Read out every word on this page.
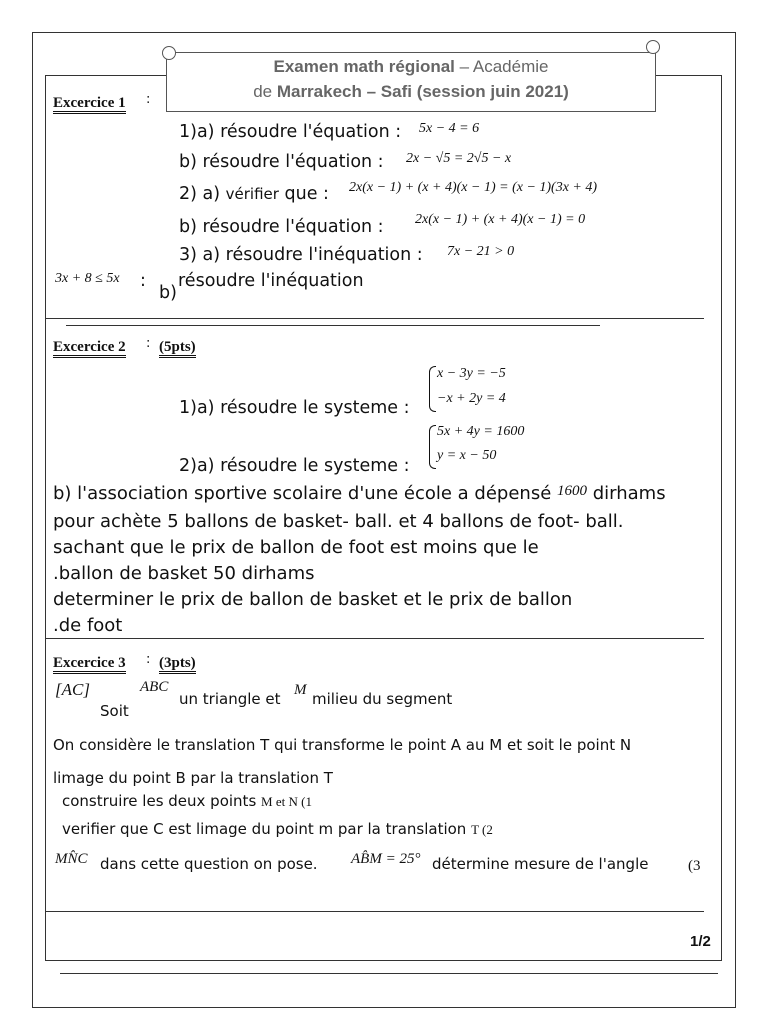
Examen math régional – Académie
de Marrakech – Safi (session juin 2021)
Excercice 1 :
1)a) résoudre l'équation : 5x − 4 = 6
b) résoudre l'équation : 2x − √5 = 2√5 − x
2) a) vérifier que : 2x(x − 1) + (x + 4)(x − 1) = (x − 1)(3x + 4)
b) résoudre l'équation : 2x(x − 1) + (x + 4)(x − 1) = 0
3) a) résoudre l'inéquation : 7x − 21 > 0
3x + 8 ≤ 5x :
b)
résoudre l'inéquation
Excercice 2 : (5pts)
x − 3y = −5
−x + 2y = 4
1)a) résoudre le systeme :
5x + 4y = 1600
y = x − 50
2)a) résoudre le systeme :
b) l'association sportive scolaire d'une école a dépensé $^{1600}$ dirhams
pour achète 5 ballons de basket- ball. et 4 ballons de foot- ball.
sachant que le prix de ballon de foot est moins que le
.ballon de basket 50 dirhams
determiner le prix de ballon de basket et le prix de ballon
.de foot
Excercice 3 : (3pts)
[AC]	ABC
Soit
un triangle et M milieu du segment
On considère le translation T qui transforme le point A au M et soit le point N
limage du point B par la translation T
construire les deux points M et N (1
verifier que C est limage du point m par la translation T (2
MN̂C dans cette question on pose. AB̂M = 25° détermine mesure de l'angle	(3
1/2
